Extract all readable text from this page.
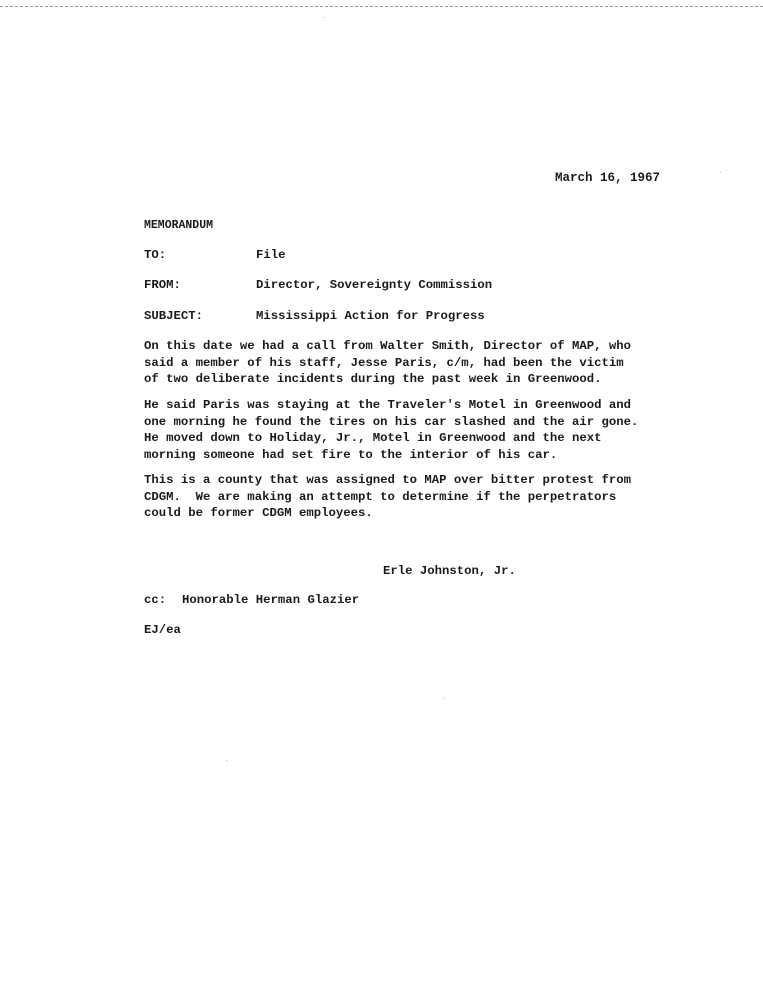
March 16, 1967
MEMORANDUM
TO:	File
FROM:	Director, Sovereignty Commission
SUBJECT:	Mississippi Action for Progress
On this date we had a call from Walter Smith, Director of MAP, who
said a member of his staff, Jesse Paris, c/m, had been the victim
of two deliberate incidents during the past week in Greenwood.
He said Paris was staying at the Traveler's Motel in Greenwood and
one morning he found the tires on his car slashed and the air gone.
He moved down to Holiday, Jr., Motel in Greenwood and the next
morning someone had set fire to the interior of his car.
This is a county that was assigned to MAP over bitter protest from
CDGM.  We are making an attempt to determine if the perpetrators
could be former CDGM employees.
Erle Johnston, Jr.
cc: Honorable Herman Glazier
EJ/ea
